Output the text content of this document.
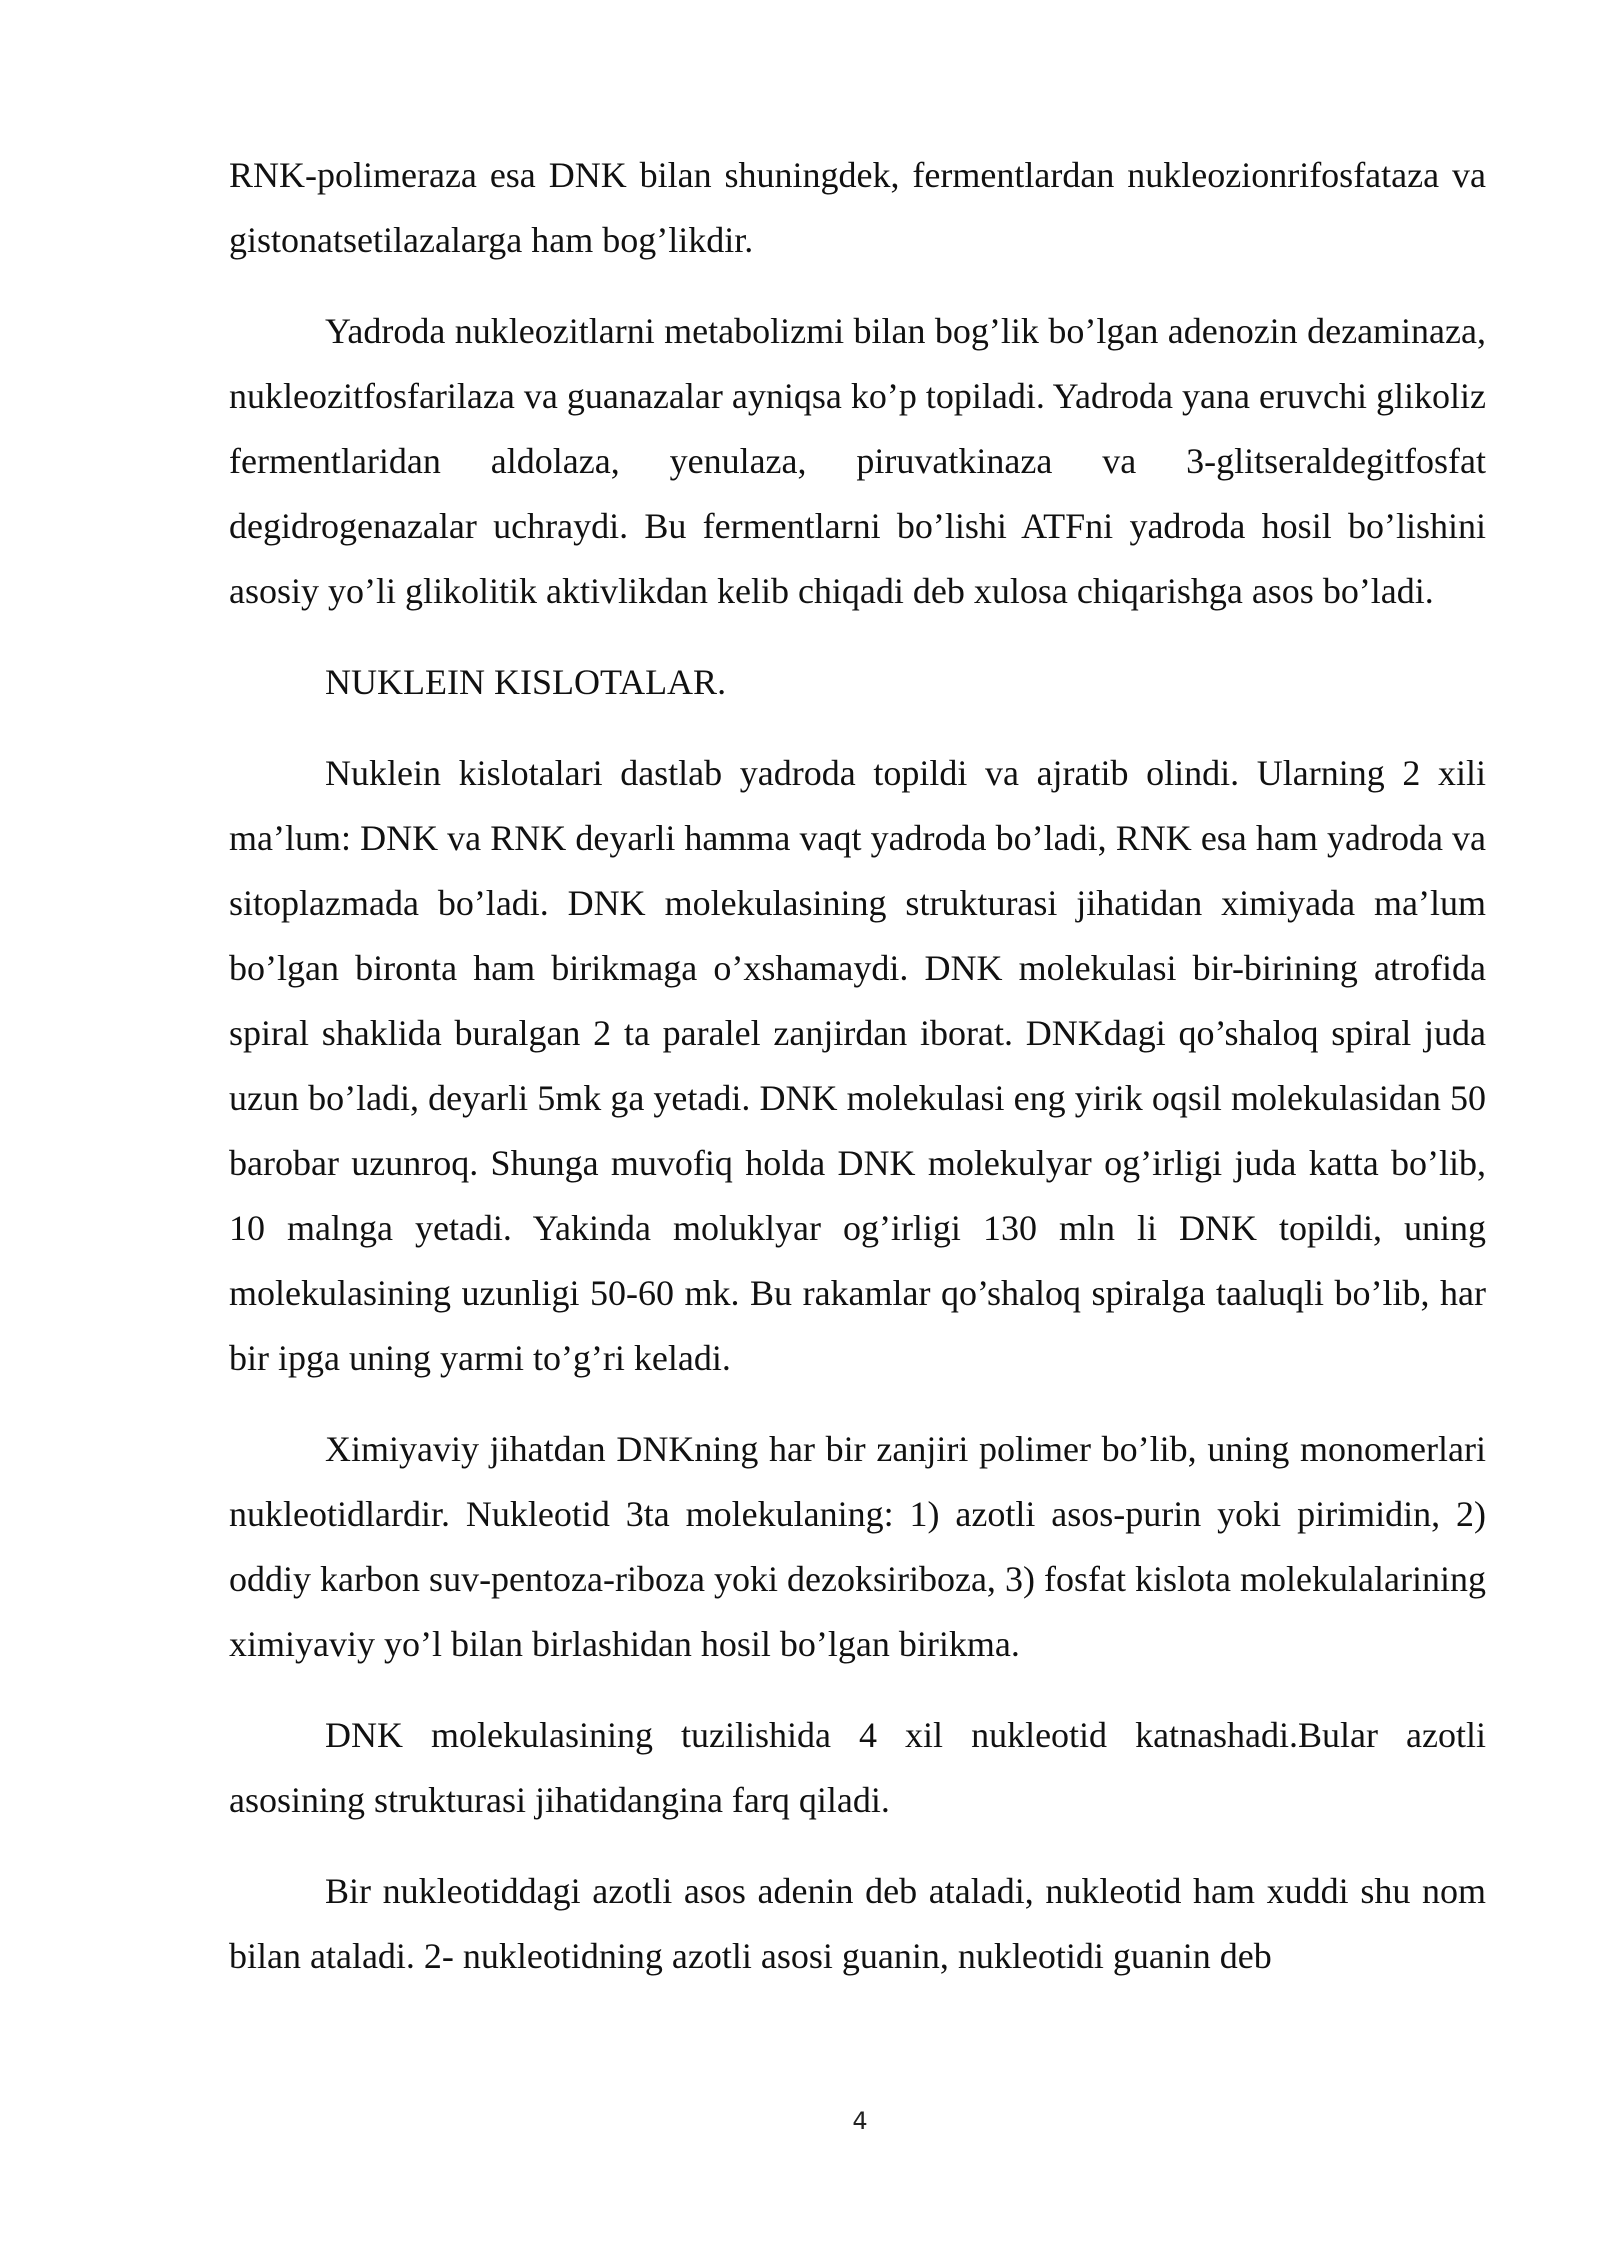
RNK-polimeraza esa DNK bilan shuningdek, fermentlardan nukleozionrifosfataza va gistonatsetilazalarga ham bog’likdir.

Yadroda nukleozitlarni metabolizmi bilan bog’lik bo’lgan adenozin dezaminaza, nukleozitfosfarilaza va guanazalar ayniqsa ko’p topiladi. Yadroda yana eruvchi glikoliz fermentlaridan aldolaza, yenulaza, piruvatkinaza va 3-glitseraldegitfosfat degidrogenazalar uchraydi. Bu fermentlarni bo’lishi ATFni yadroda hosil bo’lishini asosiy yo’li glikolitik aktivlikdan kelib chiqadi deb xulosa chiqarishga asos bo’ladi.

NUKLEIN KISLOTALAR.

Nuklein kislotalari dastlab yadroda topildi va ajratib olindi. Ularning 2 xili ma’lum: DNK va RNK deyarli hamma vaqt yadroda bo’ladi, RNK esa ham yadroda va sitoplazmada bo’ladi. DNK molekulasining strukturasi jihatidan ximiyada ma’lum bo’lgan bironta ham birikmaga o’xshamaydi. DNK molekulasi bir-birining atrofida spiral shaklida buralgan 2 ta paralel zanjirdan iborat. DNKdagi qo’shaloq spiral juda uzun bo’ladi, deyarli 5mk ga yetadi. DNK molekulasi eng yirik oqsil molekulasidan 50 barobar uzunroq. Shunga muvofiq holda DNK molekulyar og’irligi juda katta bo’lib, 10 malnga yetadi. Yakinda moluklyar og’irligi 130 mln li DNK topildi, uning molekulasining uzunligi 50-60 mk. Bu rakamlar qo’shaloq spiralga taaluqli bo’lib, har bir ipga uning yarmi to’g’ri keladi.

Ximiyaviy jihatdan DNKning har bir zanjiri polimer bo’lib, uning monomerlari nukleotidlardir. Nukleotid 3ta molekulaning: 1) azotli asos-purin yoki pirimidin, 2) oddiy karbon suv-pentoza-riboza yoki dezoksiriboza, 3) fosfat kislota molekulalarining ximiyaviy yo’l bilan birlashidan hosil bo’lgan birikma.

DNK molekulasining tuzilishida 4 xil nukleotid katnashadi.Bular azotli asosining strukturasi jihatidangina farq qiladi.

Bir nukleotiddagi azotli asos adenin deb ataladi, nukleotid ham xuddi shu nom bilan ataladi. 2- nukleotidning azotli asosi guanin, nukleotidi guanin deb

4
